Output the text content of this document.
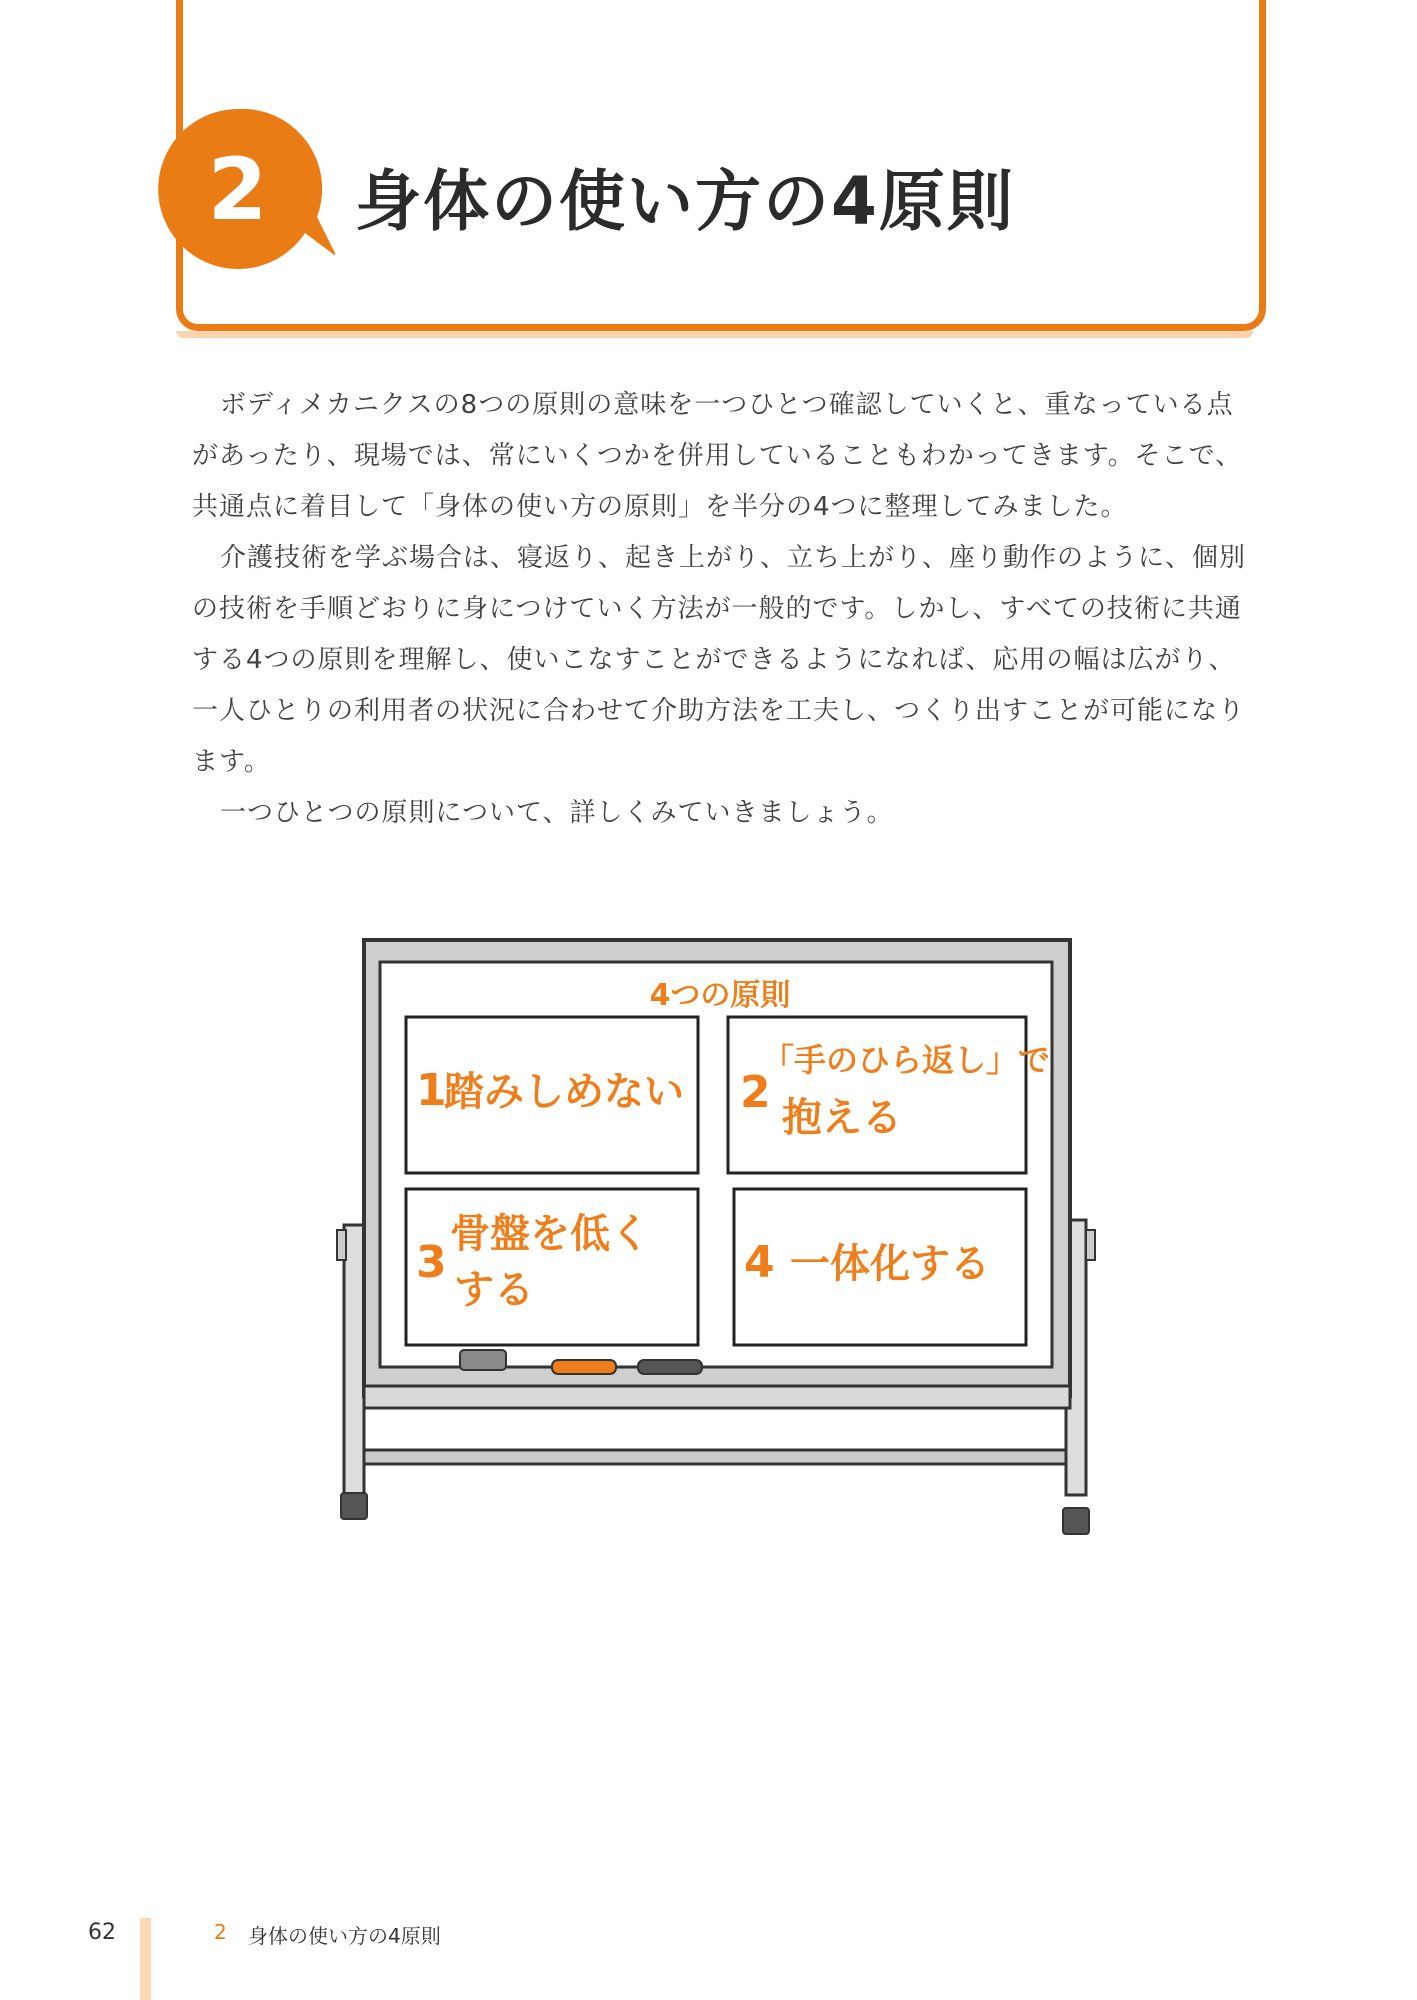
2	身体の使い方の4原則

ボディメカニクスの8つの原則の意味を一つひとつ確認していくと、重なっている点があったり、現場では、常にいくつかを併用していることもわかってきます。そこで、共通点に着目して「身体の使い方の原則」を半分の4つに整理してみました。

介護技術を学ぶ場合は、寝返り、起き上がり、立ち上がり、座り動作のように、個別の技術を手順どおりに身につけていく方法が一般的です。しかし、すべての技術に共通する4つの原則を理解し、使いこなすことができるようになれば、応用の幅は広がり、一人ひとりの利用者の状況に合わせて介助方法を工夫し、つくり出すことが可能になります。

一つひとつの原則について、詳しくみていきましょう。

4つの原則
1
踏みしめない 2
「手のひら返し」で
抱える
3
骨盤を低く
する
4 一体化する
62	2 身体の使い方の4原則
